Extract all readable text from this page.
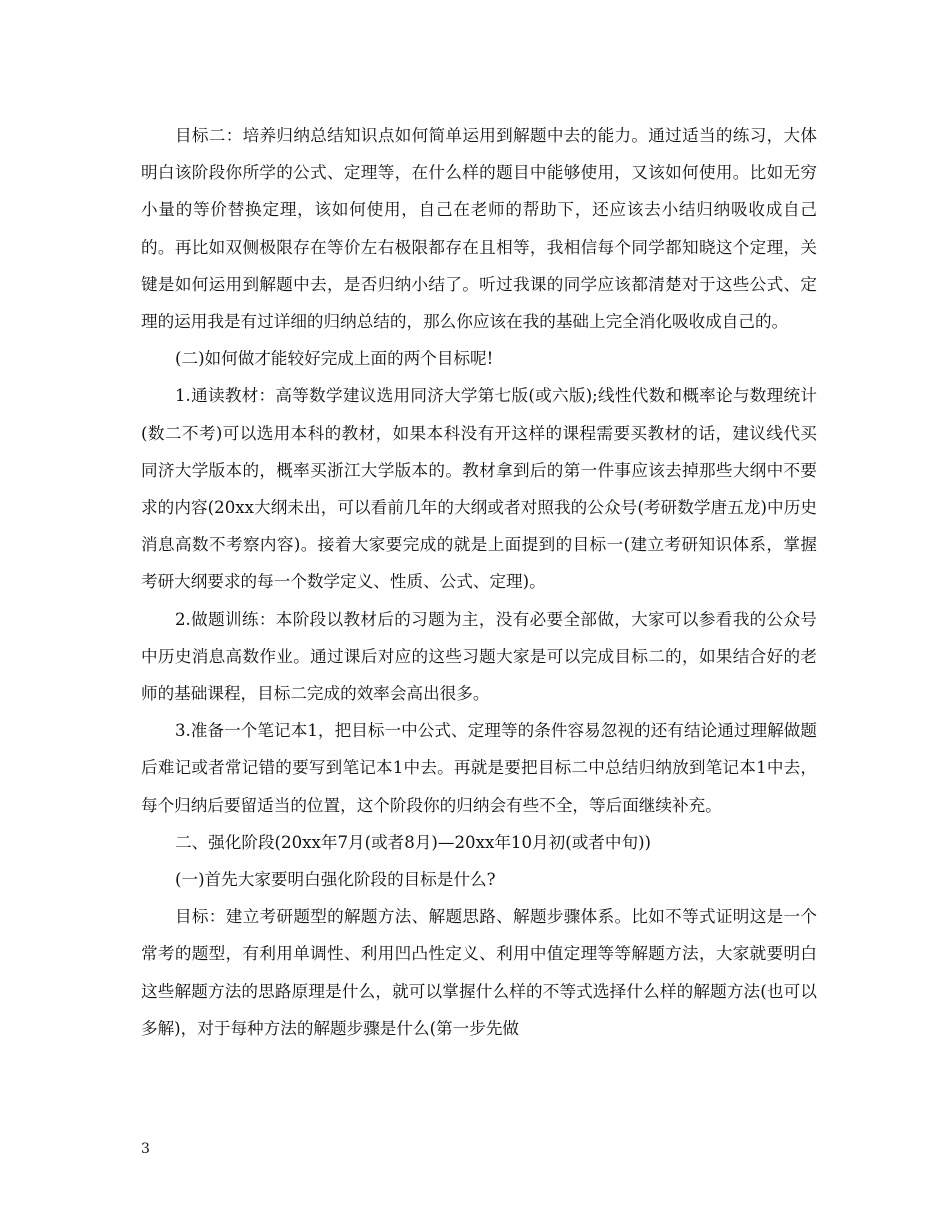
目标二：培养归纳总结知识点如何简单运用到解题中去的能力。通过适当的练习，大体明白该阶段你所学的公式、定理等，在什么样的题目中能够使用，又该如何使用。比如无穷小量的等价替换定理，该如何使用，自己在老师的帮助下，还应该去小结归纳吸收成自己的。再比如双侧极限存在等价左右极限都存在且相等，我相信每个同学都知晓这个定理，关键是如何运用到解题中去，是否归纳小结了。听过我课的同学应该都清楚对于这些公式、定理的运用我是有过详细的归纳总结的，那么你应该在我的基础上完全消化吸收成自己的。

(二)如何做才能较好完成上面的两个目标呢!

1.通读教材：高等数学建议选用同济大学第七版(或六版);线性代数和概率论与数理统计(数二不考)可以选用本科的教材，如果本科没有开这样的课程需要买教材的话，建议线代买同济大学版本的，概率买浙江大学版本的。教材拿到后的第一件事应该去掉那些大纲中不要求的内容(20xx大纲未出，可以看前几年的大纲或者对照我的公众号(考研数学唐五龙)中历史消息高数不考察内容)。接着大家要完成的就是上面提到的目标一(建立考研知识体系，掌握考研大纲要求的每一个数学定义、性质、公式、定理)。

2.做题训练：本阶段以教材后的习题为主，没有必要全部做，大家可以参看我的公众号中历史消息高数作业。通过课后对应的这些习题大家是可以完成目标二的，如果结合好的老师的基础课程，目标二完成的效率会高出很多。

3.准备一个笔记本1，把目标一中公式、定理等的条件容易忽视的还有结论通过理解做题后难记或者常记错的要写到笔记本1中去。再就是要把目标二中总结归纳放到笔记本1中去，每个归纳后要留适当的位置，这个阶段你的归纳会有些不全，等后面继续补充。

二、强化阶段(20xx年7月(或者8月)—20xx年10月初(或者中旬))

(一)首先大家要明白强化阶段的目标是什么?

目标：建立考研题型的解题方法、解题思路、解题步骤体系。比如不等式证明这是一个常考的题型，有利用单调性、利用凹凸性定义、利用中值定理等等解题方法，大家就要明白这些解题方法的思路原理是什么，就可以掌握什么样的不等式选择什么样的解题方法(也可以多解)，对于每种方法的解题步骤是什么(第一步先做

3
